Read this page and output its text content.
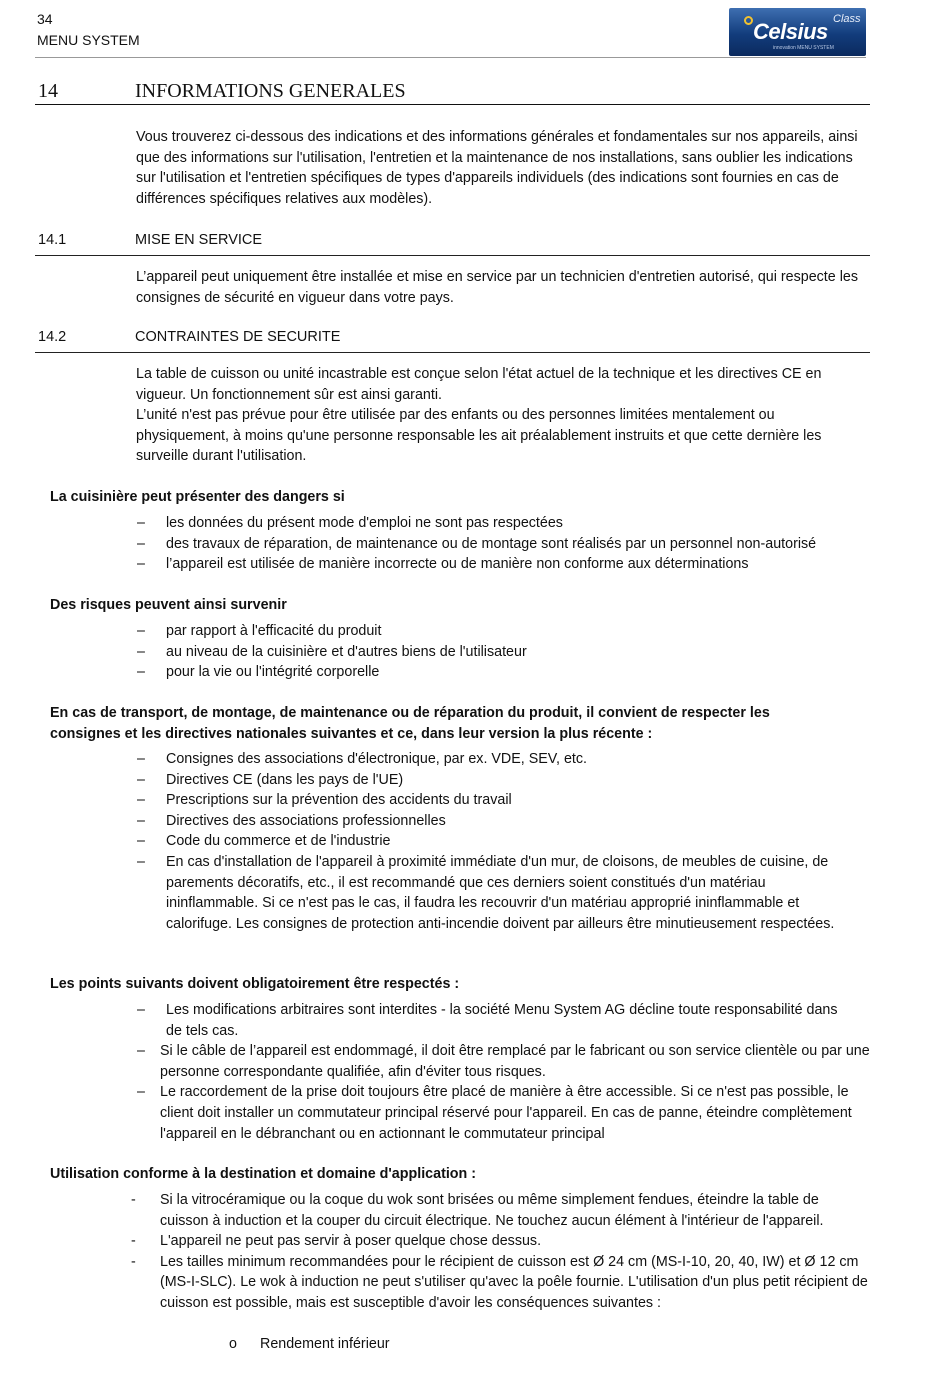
34
MENU SYSTEM	Celsius Class
innovation MENU SYSTEM
14	INFORMATIONS GENERALES
Vous trouverez ci-dessous des indications et des informations générales et fondamentales sur nos appareils, ainsi que des informations sur l'utilisation, l'entretien et la maintenance de nos installations, sans oublier les indications sur l'utilisation et l'entretien spécifiques de types d'appareils individuels (des indications sont fournies en cas de différences spécifiques relatives aux modèles).
14.1	MISE EN SERVICE
L’appareil peut uniquement être installée et mise en service par un technicien d'entretien autorisé, qui respecte les consignes de sécurité en vigueur dans votre pays.
14.2	CONTRAINTES DE SECURITE
La table de cuisson ou unité incastrable est conçue selon l'état actuel de la technique et les directives CE en vigueur. Un fonctionnement sûr est ainsi garanti.
L’unité n'est pas prévue pour être utilisée par des enfants ou des personnes limitées mentalement ou physiquement, à moins qu'une personne responsable les ait préalablement instruits et que cette dernière les surveille durant l'utilisation.
La cuisinière peut présenter des dangers si
– les données du présent mode d'emploi ne sont pas respectées
– des travaux de réparation, de maintenance ou de montage sont réalisés par un personnel non-autorisé
– l’appareil est utilisée de manière incorrecte ou de manière non conforme aux déterminations
Des risques peuvent ainsi survenir
– par rapport à l'efficacité du produit
– au niveau de la cuisinière et d'autres biens de l'utilisateur
– pour la vie ou l'intégrité corporelle
En cas de transport, de montage, de maintenance ou de réparation du produit, il convient de respecter les consignes et les directives nationales suivantes et ce, dans leur version la plus récente :
– Consignes des associations d'électronique, par ex. VDE, SEV, etc.
– Directives CE (dans les pays de l'UE)
– Prescriptions sur la prévention des accidents du travail
– Directives des associations professionnelles
– Code du commerce et de l'industrie
– En cas d'installation de l'appareil à proximité immédiate d'un mur, de cloisons, de meubles de cuisine, de parements décoratifs, etc., il est recommandé que ces derniers soient constitués d'un matériau ininflammable. Si ce n'est pas le cas, il faudra les recouvrir d'un matériau approprié ininflammable et calorifuge. Les consignes de protection anti-incendie doivent par ailleurs être minutieusement respectées.
Les points suivants doivent obligatoirement être respectés :
– Les modifications arbitraires sont interdites - la société Menu System AG décline toute responsabilité dans de tels cas.
– Si le câble de l’appareil est endommagé, il doit être remplacé par le fabricant ou son service clientèle ou par une personne correspondante qualifiée, afin d'éviter tous risques.
– Le raccordement de la prise doit toujours être placé de manière à être accessible. Si ce n'est pas possible, le client doit installer un commutateur principal réservé pour l'appareil. En cas de panne, éteindre complètement l'appareil en le débranchant ou en actionnant le commutateur principal
Utilisation conforme à la destination et domaine d'application :
- Si la vitrocéramique ou la coque du wok sont brisées ou même simplement fendues, éteindre la table de cuisson à induction et la couper du circuit électrique. Ne touchez aucun élément à l'intérieur de l'appareil.
- L'appareil ne peut pas servir à poser quelque chose dessus.
- Les tailles minimum recommandées pour le récipient de cuisson est Ø 24 cm (MS-I-10, 20, 40, IW) et Ø 12 cm (MS-I-SLC). Le wok à induction ne peut s'utiliser qu'avec la poêle fournie. L'utilisation d'un plus petit récipient de cuisson est possible, mais est susceptible d'avoir les conséquences suivantes :
o Rendement inférieur
